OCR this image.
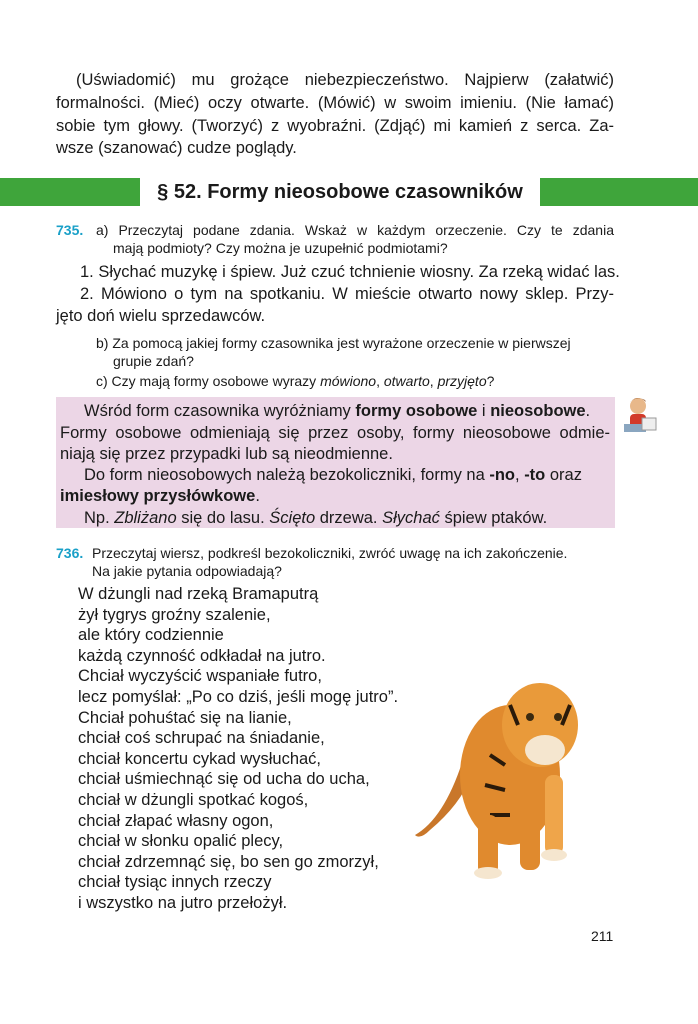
(Uświadomić) mu grożące niebezpieczeństwo. Najpierw (załatwić)
formalności. (Mieć) oczy otwarte. (Mówić) w swoim imieniu. (Nie łamać)
sobie tym głowy. (Tworzyć) z wyobraźni. (Zdjąć) mi kamień z serca. Za-
wsze (szanować) cudze poglądy.
§ 52. Formy nieosobowe czasowników
735. a) Przeczytaj podane zdania. Wskaż w każdym orzeczenie. Czy te zdania
mają podmioty? Czy można je uzupełnić podmiotami?
1. Słychać muzykę i śpiew. Już czuć tchnienie wiosny. Za rzeką widać las.
2. Mówiono o tym na spotkaniu. W mieście otwarto nowy sklep. Przy-
jęto doń wielu sprzedawców.
b) Za pomocą jakiej formy czasownika jest wyrażone orzeczenie w pierwszej
grupie zdań?
c) Czy mają formy osobowe wyrazy mówiono, otwarto, przyjęto?
Wśród form czasownika wyróżniamy formy osobowe i nieosobowe.
Formy osobowe odmieniają się przez osoby, formy nieosobowe odmie-
niają się przez przypadki lub są nieodmienne.
Do form nieosobowych należą bezokoliczniki, formy na -no, -to oraz
imiesłowy przysłówkowe.
Np. Zbliżano się do lasu. Ścięto drzewa. Słychać śpiew ptaków.
736. Przeczytaj wiersz, podkreśl bezokoliczniki, zwróć uwagę na ich zakończenie.
Na jakie pytania odpowiadają?
W dżungli nad rzeką Bramaputrą
żył tygrys groźny szalenie,
ale który codziennie
każdą czynność odkładał na jutro.
Chciał wyczyścić wspaniałe futro,
lecz pomyślał: „Po co dziś, jeśli mogę jutro”.
Chciał pohuśtać się na lianie,
chciał coś schrupać na śniadanie,
chciał koncertu cykad wysłuchać,
chciał uśmiechnąć się od ucha do ucha,
chciał w dżungli spotkać kogoś,
chciał złapać własny ogon,
chciał w słonku opalić plecy,
chciał zdrzemnąć się, bo sen go zmorzył,
chciał tysiąc innych rzeczy
i wszystko na jutro przełożył.
211
